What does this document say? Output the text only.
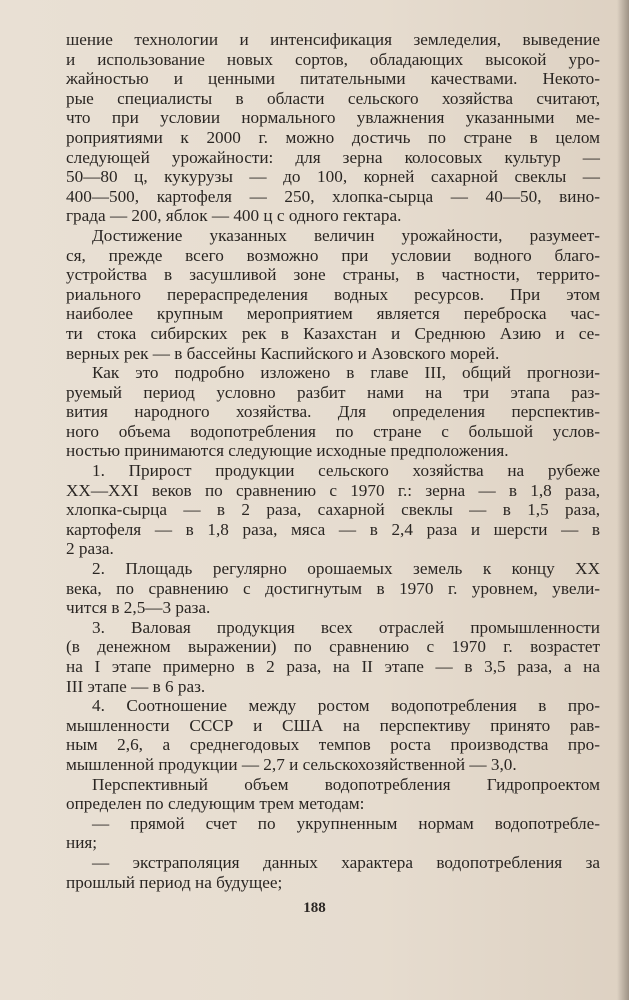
шение технологии и интенсификация земледелия, выведение
и использование новых сортов, обладающих высокой уро-
жайностью и ценными питательными качествами. Некото-
рые специалисты в области сельского хозяйства считают,
что при условии нормального увлажнения указанными ме-
роприятиями к 2000 г. можно достичь по стране в целом
следующей урожайности: для зерна колосовых культур —
50—80 ц, кукурузы — до 100, корней сахарной свеклы —
400—500, картофеля — 250, хлопка-сырца — 40—50, вино-
града — 200, яблок — 400 ц с одного гектара.

Достижение указанных величин урожайности, разумеет-
ся, прежде всего возможно при условии водного благо-
устройства в засушливой зоне страны, в частности, террито-
риального перераспределения водных ресурсов. При этом
наиболее крупным мероприятием является переброска час-
ти стока сибирских рек в Казахстан и Среднюю Азию и се-
верных рек — в бассейны Каспийского и Азовского морей.

Как это подробно изложено в главе III, общий прогнози-
руемый период условно разбит нами на три этапа раз-
вития народного хозяйства. Для определения перспектив-
ного объема водопотребления по стране с большой услов-
ностью принимаются следующие исходные предположения.

1. Прирост продукции сельского хозяйства на рубеже
XX—XXI веков по сравнению с 1970 г.: зерна — в 1,8 раза,
хлопка-сырца — в 2 раза, сахарной свеклы — в 1,5 раза,
картофеля — в 1,8 раза, мяса — в 2,4 раза и шерсти — в
2 раза.

2. Площадь регулярно орошаемых земель к концу XX
века, по сравнению с достигнутым в 1970 г. уровнем, увели-
чится в 2,5—3 раза.

3. Валовая продукция всех отраслей промышленности
(в денежном выражении) по сравнению с 1970 г. возрастет
на I этапе примерно в 2 раза, на II этапе — в 3,5 раза, а на
III этапе — в 6 раз.

4. Соотношение между ростом водопотребления в про-
мышленности СССР и США на перспективу принято рав-
ным 2,6, а среднегодовых темпов роста производства про-
мышленной продукции — 2,7 и сельскохозяйственной — 3,0.

Перспективный объем водопотребления Гидропроектом
определен по следующим трем методам:

— прямой счет по укрупненным нормам водопотребле-
ния;

— экстраполяция данных характера водопотребления за
прошлый период на будущее;

188
